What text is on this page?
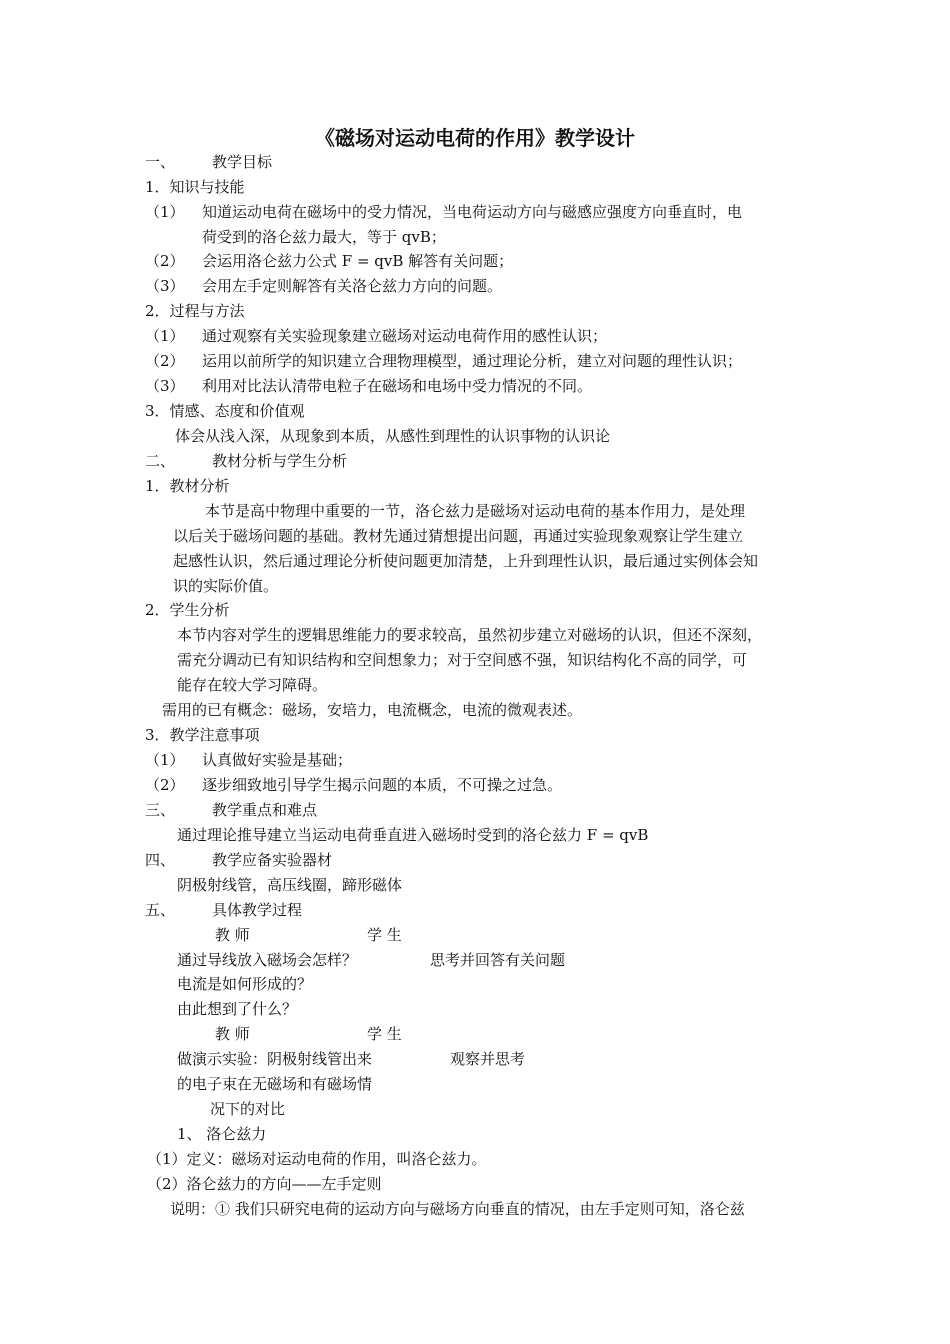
《磁场对运动电荷的作用》教学设计
一、 教学目标
1．知识与技能
（1） 知道运动电荷在磁场中的受力情况，当电荷运动方向与磁感应强度方向垂直时，电
荷受到的洛仑兹力最大，等于 qvB；
（2） 会运用洛仑兹力公式 F = qvB 解答有关问题；
（3） 会用左手定则解答有关洛仑兹力方向的问题。
2．过程与方法
（1） 通过观察有关实验现象建立磁场对运动电荷作用的感性认识；
（2） 运用以前所学的知识建立合理物理模型，通过理论分析，建立对问题的理性认识；
（3） 利用对比法认清带电粒子在磁场和电场中受力情况的不同。
3．情感、态度和价值观
体会从浅入深，从现象到本质，从感性到理性的认识事物的认识论
二、 教材分析与学生分析
1．教材分析
本节是高中物理中重要的一节，洛仑兹力是磁场对运动电荷的基本作用力，是处理
以后关于磁场问题的基础。教材先通过猜想提出问题，再通过实验现象观察让学生建立
起感性认识，然后通过理论分析使问题更加清楚，上升到理性认识，最后通过实例体会知
识的实际价值。
2．学生分析
本节内容对学生的逻辑思维能力的要求较高，虽然初步建立对磁场的认识，但还不深刻，
需充分调动已有知识结构和空间想象力；对于空间感不强，知识结构化不高的同学，可
能存在较大学习障碍。
需用的已有概念：磁场，安培力，电流概念，电流的微观表述。
3．教学注意事项
（1） 认真做好实验是基础；
（2） 逐步细致地引导学生揭示问题的本质，不可操之过急。
三、 教学重点和难点
通过理论推导建立当运动电荷垂直进入磁场时受到的洛仑兹力 F = qvB
四、 教学应备实验器材
阴极射线管，高压线圈，蹄形磁体
五、 具体教学过程
教 师	学 生
通过导线放入磁场会怎样？	思考并回答有关问题
电流是如何形成的？
由此想到了什么？
教 师	学 生
做演示实验：阴极射线管出来	观察并思考
的电子束在无磁场和有磁场情
况下的对比
1、 洛仑兹力
（1）定义：磁场对运动电荷的作用，叫洛仑兹力。
（2）洛仑兹力的方向——左手定则
说明：① 我们只研究电荷的运动方向与磁场方向垂直的情况，由左手定则可知，洛仑兹
